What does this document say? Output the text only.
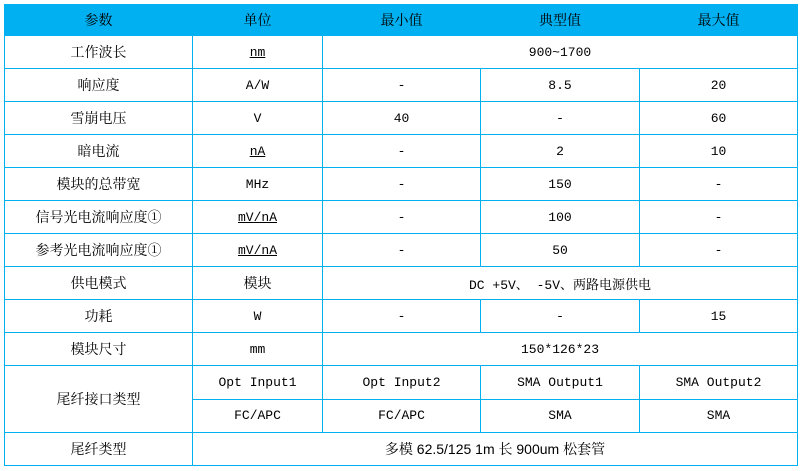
参数	单位	最小值	典型值	最大值
工作波长	nm	900~1700		
响应度	A/W	-	8.5	20
雪崩电压	V	40	-	60
暗电流	nA	-	2	10
模块的总带宽	MHz	-	150	-
信号光电流响应度①	mV/nA	-	100	-
参考光电流响应度①	mV/nA	-	50	-
供电模式	模块	DC +5V、 -5V、两路电源供电		
功耗	W	-	-	15
模块尺寸	mm	150*126*23		
尾纤接口类型	Opt Input1	Opt Input2	SMA Output1	SMA Output2
	FC/APC	FC/APC	SMA	SMA
尾纤类型	多模 62.5/125 1m 长 900um 松套管			
